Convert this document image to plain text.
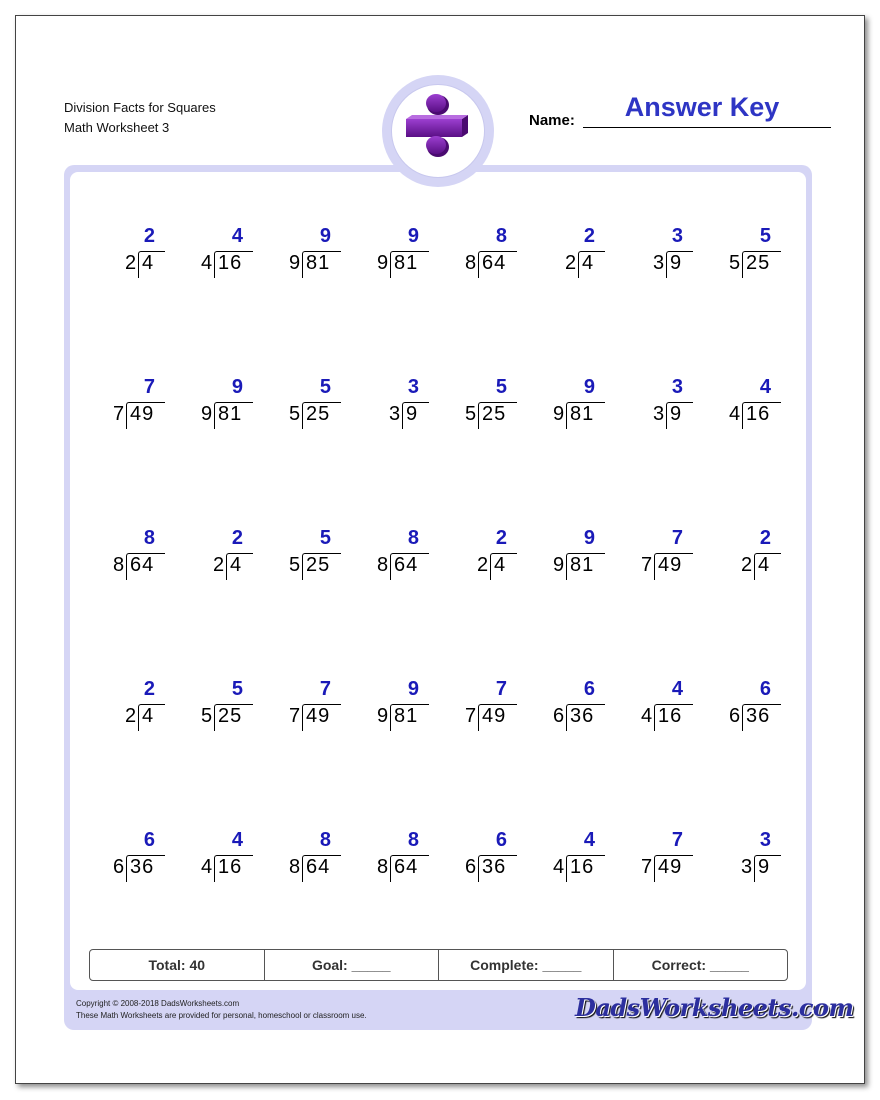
Division Facts for Squares
Math Worksheet 3	Name:	Answer Key
2
2 4
4
4 16
9
9 81
9
9 81
8
8 64
2
2 4
3
3 9
5
5 25
7
7 49
9
9 81
5
5 25
3
3 9
5
5 25
9
9 81
3
3 9
4
4 16
8
8 64
2
2 4
5
5 25
8
8 64
2
2 4
9
9 81
7
7 49
2
2 4
2
2 4
5
5 25
7
7 49
9
9 81
7
7 49
6
6 36
4
4 16
6
6 36
6
6 36
4
4 16
8
8 64
8
8 64
6
6 36
4
4 16
7
7 49
3
3 9
Total: 40	Goal: _____	Complete: _____	Correct: _____
Copyright © 2008-2018 DadsWorksheets.com
These Math Worksheets are provided for personal, homeschool or classroom use.	DadsWorksheets.com
